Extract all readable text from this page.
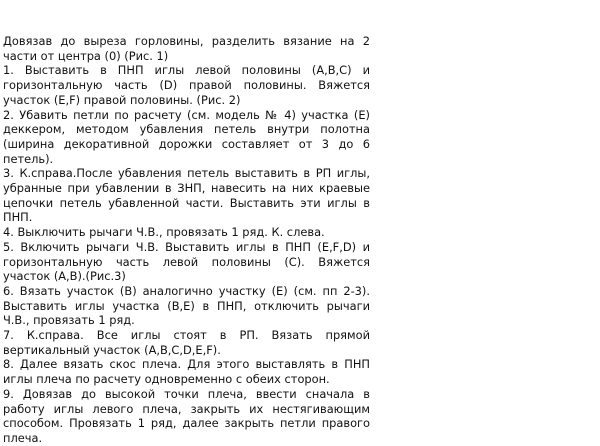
Довязав до выреза горловины, разделить вязание на 2 части от центра (0) (Рис. 1)

1. Выставить в ПНП иглы левой половины (A,B,C) и горизонтальную часть (D) правой половины. Вяжется участок (E,F) правой половины. (Рис. 2)

2. Убавить петли по расчету (см. модель № 4) участка (E) деккером, методом убавления петель внутри полотна (ширина декоративной дорожки составляет от 3 до 6 петель).

3. К.справа.После убавления петель выставить в РП иглы, убранные при убавлении в ЗНП, навесить на них краевые цепочки петель убавленной части. Выставить эти иглы в ПНП.

4. Выключить рычаги Ч.В., провязать 1 ряд. К. слева.

5. Включить рычаги Ч.В. Выставить иглы в ПНП (E,F,D) и горизонтальную часть левой половины (C). Вяжется участок (A,B).(Рис.3)

6. Вязать участок (B) аналогично участку (E) (см. пп 2-3). Выставить иглы участка (B,E) в ПНП, отключить рычаги Ч.В., провязать 1 ряд.

7. К.справа. Все иглы стоят в РП. Вязать прямой вертикальный участок (A,B,C,D,E,F).

8. Далее вязать скос плеча. Для этого выставлять в ПНП иглы плеча по расчету одновременно с обеих сторон.

9. Довязав до высокой точки плеча, ввести сначала в работу иглы левого плеча, закрыть их нестягивающим способом. Провязать 1 ряд, далее закрыть петли правого плеча.
